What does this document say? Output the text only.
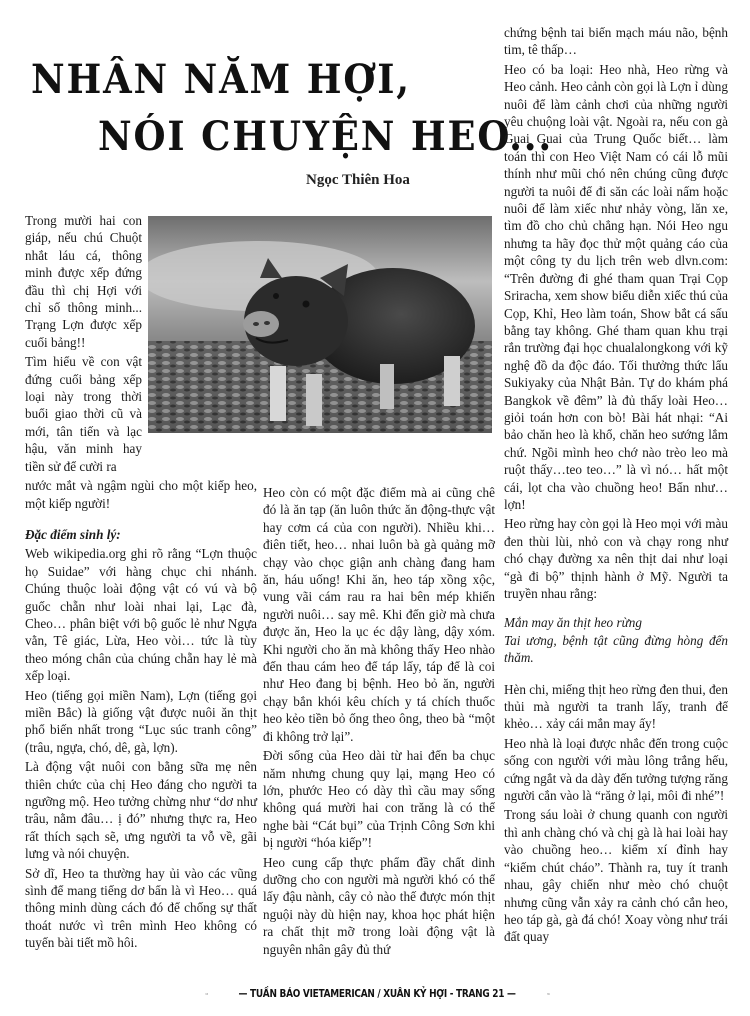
NHÂN NĂM HỢI,
NÓI CHUYỆN HEO...
Ngọc Thiên Hoa

Trong mười hai con giáp, nếu chú Chuột nhắt láu cá, thông minh được xếp đứng đầu thì chị Hợi với chỉ số thông minh... Trạng Lợn được xếp cuối bảng!!

Tìm hiểu về con vật đứng cuối bảng xếp loại này trong thời buổi giao thời cũ và mới, tân tiến và lạc hậu, văn minh hay tiền sử để cười ra

nước mắt và ngậm ngùi cho một kiếp heo, một kiếp người!

Đặc điểm sinh lý:

Web wikipedia.org ghi rõ rằng “Lợn thuộc họ Suidae” với hàng chục chi nhánh. Chúng thuộc loài động vật có vú và bộ guốc chẵn như loài nhai lại, Lạc đà, Cheo… phân biệt với bộ guốc lẻ như Ngựa vằn, Tê giác, Lừa, Heo vòi… tức là tùy theo móng chân của chúng chẵn hay lẻ mà xếp loại.

Heo (tiếng gọi miền Nam), Lợn (tiếng gọi miền Bắc) là giống vật được nuôi ăn thịt phổ biến nhất trong “Lục súc tranh công” (trâu, ngựa, chó, dê, gà, lợn).

Là động vật nuôi con bằng sữa mẹ nên thiên chức của chị Heo đáng cho người ta ngưỡng mộ. Heo tưởng chừng như “dơ như trâu, nằm đâu… ị đó” nhưng thực ra, Heo rất thích sạch sẽ, ưng người ta vỗ về, gãi lưng và nói chuyện.

Sở dĩ, Heo ta thường hay ủi vào các vũng sình để mang tiếng dơ bẩn là vì Heo… quá thông minh dùng cách đó để chống sự thất thoát nước vì trên mình Heo không có tuyến bài tiết mồ hôi.

Heo còn có một đặc điểm mà ai cũng chê đó là ăn tạp (ăn luôn thức ăn động-thực vật hay cơm cá của con người). Nhiều khi… điên tiết, heo… nhai luôn bà gà quảng mỡ chạy vào chọc giận anh chàng đang ham ăn, háu uống! Khi ăn, heo táp xồng xộc, vung vãi cám rau ra hai bên mép khiến người nuôi… say mê. Khi đến giờ mà chưa được ăn, Heo la ục éc dậy làng, dậy xóm. Khi người cho ăn mà không thấy Heo nhào đến thau cám heo để táp lấy, táp để là coi như Heo đang bị bệnh. Heo bỏ ăn, người chạy bắn khói kêu chích y tá chích thuốc heo kẻo tiền bỏ ống theo ông, theo bà “một đi không trở lại”.

Đời sống của Heo dài từ hai đến ba chục năm nhưng chung quy lại, mạng Heo có lớn, phước Heo có dày thì cầu may sống không quá mười hai con trăng là có thể nghe bài “Cát bụi” của Trịnh Công Sơn khi bị người “hóa kiếp”!

Heo cung cấp thực phẩm đầy chất dinh dưỡng cho con người mà người khó có thể lấy đậu nành, cây cỏ nào thế được món thịt nguội này dù hiện nay, khoa học phát hiện ra chất thịt mỡ trong loài động vật là nguyên nhân gây đủ thứ

chứng bệnh tai biến mạch máu não, bệnh tim, tê thấp…

Heo có ba loại: Heo nhà, Heo rừng và Heo cảnh. Heo cảnh còn gọi là Lợn ỉ dùng nuôi để làm cảnh chơi của những người yêu chuộng loài vật. Ngoài ra, nếu con gà Guai Guai của Trung Quốc biết… làm toán thì con Heo Việt Nam có cái lỗ mũi thính như mũi chó nên chúng cũng được người ta nuôi để đi săn các loài nấm hoặc nuôi để làm xiếc như nhảy vòng, lăn xe, tìm đồ cho chủ chẳng hạn. Nói Heo ngu nhưng ta hãy đọc thử một quảng cáo của một công ty du lịch trên web dlvn.com: “Trên đường đi ghé tham quan Trại Cọp Sriracha, xem show biểu diễn xiếc thú của Cọp, Khỉ, Heo làm toán, Show bắt cá sấu bằng tay không. Ghé tham quan khu trại rắn trường đại học chualalongkong với kỹ nghệ đồ da độc đáo. Tối thưởng thức lẩu Sukiyaky của Nhật Bản. Tự do khám phá Bangkok về đêm” là đủ thấy loài Heo… giỏi toán hơn con bò! Bài hát nhại: “Ai bảo chăn heo là khổ, chăn heo sướng lắm chứ. Ngồi mình heo chớ nào trèo leo mà ruột thấy…teo teo…” là vì nó… hất một cái, lọt cha vào chuồng heo! Bẩn như… lợn!

Heo rừng hay còn gọi là Heo mọi với màu đen thùi lùi, nhỏ con và chạy rong như chó chạy đường xa nên thịt dai như loại “gà đi bộ” thịnh hành ở Mỹ. Người ta truyền nhau rằng:

Mắn may ăn thịt heo rừng
Tai ương, bệnh tật cũng đừng hòng đến thăm.

Hèn chi, miếng thịt heo rừng đen thui, đen thủi mà người ta tranh lấy, tranh để khẻo… xảy cái mắn may ấy!

Heo nhà là loại được nhắc đến trong cuộc sống con người với màu lông trắng hếu, cứng ngắt và da dày đến tưởng tượng răng người cắn vào là “răng ở lại, môi đi nhé”!

Trong sáu loài ở chung quanh con người thì anh chàng chó và chị gà là hai loài hay vào chuồng heo… kiếm xí đỉnh hay “kiếm chút cháo”. Thành ra, tuy ít tranh nhau, gây chiến như mèo chó chuột nhưng cũng vẫn xảy ra cảnh chó cắn heo, heo táp gà, gà đá chó! Xoay vòng như trái đất quay

— TUẦN BÁO VIETAMERICAN / XUÂN KỶ HỢI - TRANG 21 —
